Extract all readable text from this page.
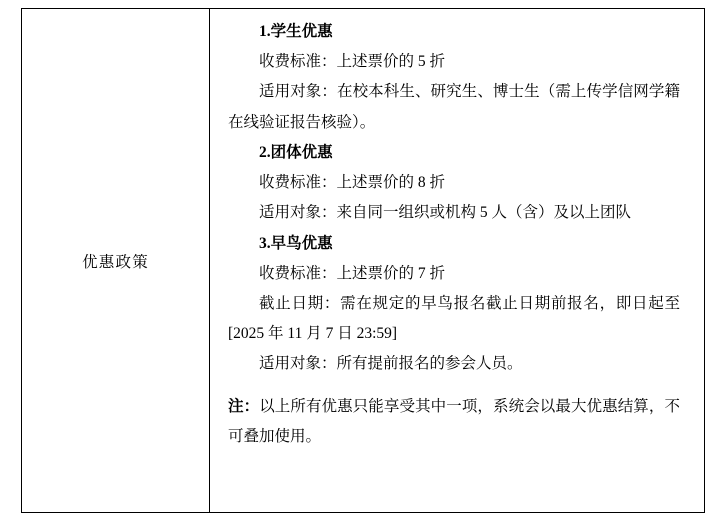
优惠政策

1.学生优惠

收费标准：上述票价的 5 折

适用对象：在校本科生、研究生、博士生（需上传学信网学籍在线验证报告核验）。

2.团体优惠

收费标准：上述票价的 8 折

适用对象：来自同一组织或机构 5 人（含）及以上团队

3.早鸟优惠

收费标准：上述票价的 7 折

截止日期：需在规定的早鸟报名截止日期前报名，即日起至[2025 年 11 月 7 日 23:59]

适用对象：所有提前报名的参会人员。

注：以上所有优惠只能享受其中一项，系统会以最大优惠结算，不可叠加使用。
